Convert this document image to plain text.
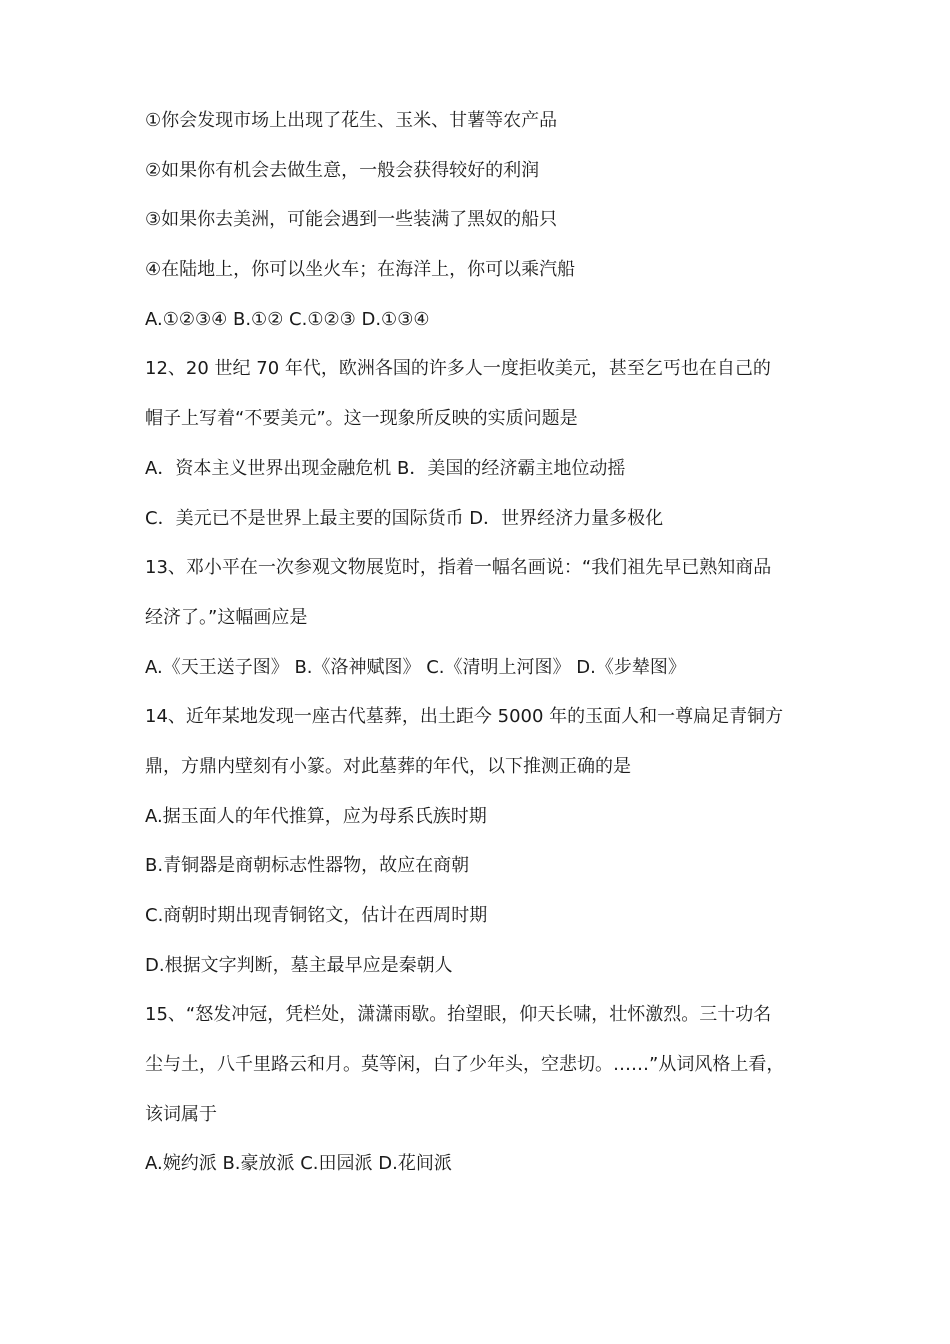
①你会发现市场上出现了花生、玉米、甘薯等农产品
②如果你有机会去做生意，一般会获得较好的利润
③如果你去美洲，可能会遇到一些装满了黑奴的船只
④在陆地上，你可以坐火车；在海洋上，你可以乘汽船
A.①②③④ B.①② C.①②③ D.①③④
12、20 世纪 70 年代，欧洲各国的许多人一度拒收美元，甚至乞丐也在自己的
帽子上写着“不要美元”。这一现象所反映的实质问题是
A．资本主义世界出现金融危机 B．美国的经济霸主地位动摇
C．美元已不是世界上最主要的国际货币 D．世界经济力量多极化
13、邓小平在一次参观文物展览时，指着一幅名画说：“我们祖先早已熟知商品
经济了。”这幅画应是
A.《天王送子图》 B.《洛神赋图》 C.《清明上河图》 D.《步辇图》
14、近年某地发现一座古代墓葬，出土距今 5000 年的玉面人和一尊扁足青铜方
鼎，方鼎内壁刻有小篆。对此墓葬的年代，以下推测正确的是
A.据玉面人的年代推算，应为母系氏族时期
B.青铜器是商朝标志性器物，故应在商朝
C.商朝时期出现青铜铭文，估计在西周时期
D.根据文字判断，墓主最早应是秦朝人
15、“怒发冲冠，凭栏处，潇潇雨歇。抬望眼，仰天长啸，壮怀激烈。三十功名
尘与土，八千里路云和月。莫等闲，白了少年头，空悲切。……”从词风格上看，
该词属于
A.婉约派 B.豪放派 C.田园派 D.花间派
